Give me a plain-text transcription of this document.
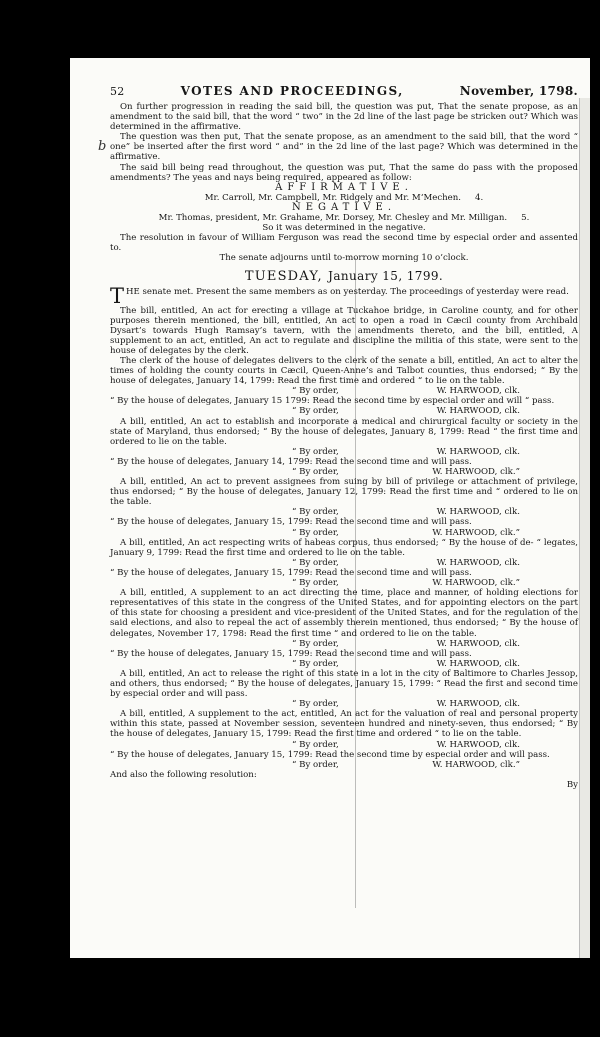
b
52	VOTES AND PROCEEDINGS,	November, 1798.

On further progression in reading the said bill, the question was put, That the senate propose, as an amendment to the said bill, that the word “ two” in the 2d line of the last page be stricken out? Which was determined in the affirmative.

The question was then put, That the senate propose, as an amendment to the said bill, that the word “ one” be inserted after the first word “ and” in the 2d line of the last page? Which was determined in the affirmative.

The said bill being read throughout, the question was put, That the same do pass with the proposed amendments? The yeas and nays being required, appeared as follow:

AFFIRMATIVE.

Mr. Carroll, Mr. Campbell, Mr. Ridgely and Mr. M‘Mechen. 4.

NEGATIVE.

Mr. Thomas, president, Mr. Grahame, Mr. Dorsey, Mr. Chesley and Mr. Milligan. 5.

So it was determined in the negative.

The resolution in favour of William Ferguson was read the second time by especial order and assented to.

The senate adjourns until to-morrow morning 10 o’clock.

TUESDAY, January 15, 1799.

THE senate met. Present the same members as on yesterday. The proceedings of yesterday were read.

The bill, entitled, An act for erecting a village at Tuckahoe bridge, in Caroline county, and for other purposes therein mentioned, the bill, entitled, An act to open a road in Cæcil county from Archibald Dysart’s towards Hugh Ramsay’s tavern, with the amendments thereto, and the bill, entitled, A supplement to an act, entitled, An act to regulate and discipline the militia of this state, were sent to the house of delegates by the clerk.

The clerk of the house of delegates delivers to the clerk of the senate a bill, entitled, An act to alter the times of holding the county courts in Cæcil, Queen-Anne’s and Talbot counties, thus endorsed; “ By the house of delegates, January 14, 1799: Read the first time and ordered “ to lie on the table.

“ By order,	W. HARWOOD, clk.

“ By the house of delegates, January 15 1799: Read the second time by especial order and will “ pass.

“ By order,	W. HARWOOD, clk.

A bill, entitled, An act to establish and incorporate a medical and chirurgical faculty or society in the state of Maryland, thus endorsed; “ By the house of delegates, January 8, 1799: Read “ the first time and ordered to lie on the table.

“ By order,	W. HARWOOD, clk.

“ By the house of delegates, January 14, 1799: Read the second time and will pass.

“ By order,	W. HARWOOD, clk.”

A bill, entitled, An act to prevent assignees from suing by bill of privilege or attachment of privilege, thus endorsed; “ By the house of delegates, January 12, 1799: Read the first time and “ ordered to lie on the table.

“ By order,	W. HARWOOD, clk.

“ By the house of delegates, January 15, 1799: Read the second time and will pass.

“ By order,	W. HARWOOD, clk.”

A bill, entitled, An act respecting writs of habeas corpus, thus endorsed; “ By the house of de- “ legates, January 9, 1799: Read the first time and ordered to lie on the table.

“ By order,	W. HARWOOD, clk.

“ By the house of delegates, January 15, 1799: Read the second time and will pass.

“ By order,	W. HARWOOD, clk.”

A bill, entitled, A supplement to an act directing the time, place and manner, of holding elections for representatives of this state in the congress of the United States, and for appointing electors on the part of this state for choosing a president and vice-president of the United States, and for the regulation of the said elections, and also to repeal the act of assembly therein mentioned, thus endorsed; “ By the house of delegates, November 17, 1798: Read the first time “ and ordered to lie on the table.

“ By order,	W. HARWOOD, clk.

“ By the house of delegates, January 15, 1799: Read the second time and will pass.

“ By order,	W. HARWOOD, clk.

A bill, entitled, An act to release the right of this state in a lot in the city of Baltimore to Charles Jessop, and others, thus endorsed; “ By the house of delegates, January 15, 1799: “ Read the first and second time by especial order and will pass.

“ By order,	W. HARWOOD, clk.

A bill, entitled, A supplement to the act, entitled, An act for the valuation of real and personal property within this state, passed at November session, seventeen hundred and ninety-seven, thus endorsed; “ By the house of delegates, January 15, 1799: Read the first time and ordered “ to lie on the table.

“ By order,	W. HARWOOD, clk.

“ By the house of delegates, January 15, 1799: Read the second time by especial order and will pass.

“ By order,	W. HARWOOD, clk.”

And also the following resolution:

By
